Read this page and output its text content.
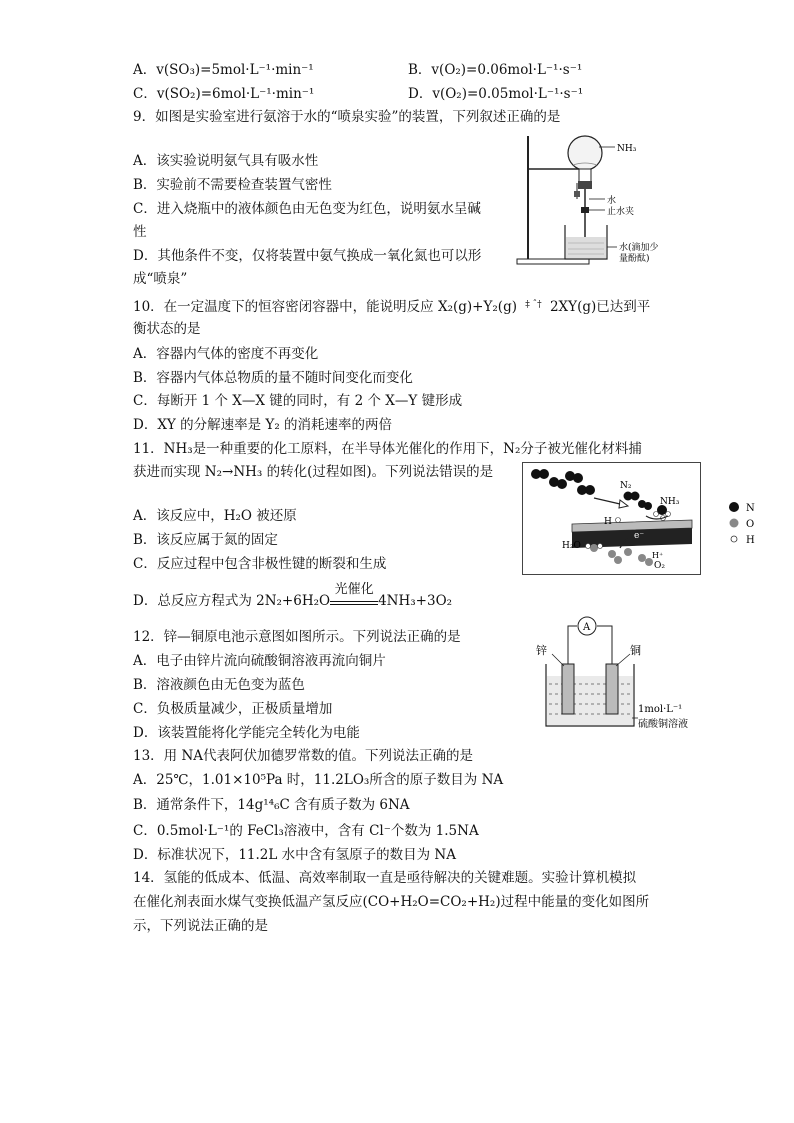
A．v(SO₃)=5mol·L⁻¹·min⁻¹	B．v(O₂)=0.06mol·L⁻¹·s⁻¹
C．v(SO₂)=6mol·L⁻¹·min⁻¹	D．v(O₂)=0.05mol·L⁻¹·s⁻¹
9．如图是实验室进行氨溶于水的“喷泉实验”的装置，下列叙述正确的是
A．该实验说明氨气具有吸水性
B．实验前不需要检查装置气密性
C．进入烧瓶中的液体颜色由无色变为红色，说明氨水呈碱
性
D．其他条件不变，仅将装置中氨气换成一氧化氮也可以形
成“喷泉”
NH₃
水
止水夹
水(滴加少
量酚酞)
10．在一定温度下的恒容密闭容器中，能说明反应 X₂(g)+Y₂(g) $^{\ddagger ˆ\dagger}$ 2XY(g)已达到平
衡状态的是
A．容器内气体的密度不再变化
B．容器内气体总物质的量不随时间变化而变化
C．每断开 1 个 X—X 键的同时，有 2 个 X—Y 键形成
D．XY 的分解速率是 Y₂ 的消耗速率的两倍
11．NH₃是一种重要的化工原料，在半导体光催化的作用下，N₂分子被光催化材料捕
获进而实现 N₂→NH₃ 的转化(过程如图)。下列说法错误的是
A．该反应中，H₂O 被还原
B．该反应属于氮的固定
C．反应过程中包含非极性键的断裂和生成
D．总反应方程式为 2N₂+6H₂O
光催化
4NH₃+3O₂
N₂
NH₃
H
e⁻
H₂O
H⁺
O₂
N
O
H
12．锌—铜原电池示意图如图所示。下列说法正确的是
A．电子由锌片流向硫酸铜溶液再流向铜片
B．溶液颜色由无色变为蓝色
C．负极质量减少，正极质量增加
D．该装置能将化学能完全转化为电能
A
锌	铜
1mol·L⁻¹
硫酸铜溶液
13．用 NA代表阿伏加德罗常数的值。下列说法正确的是
A．25℃，1.01×10⁵Pa 时，11.2LO₃所含的原子数目为 NA
B．通常条件下，14g¹⁴₆C 含有质子数为 6NA
C．0.5mol·L⁻¹的 FeCl₃溶液中，含有 Cl⁻个数为 1.5NA
D．标准状况下，11.2L 水中含有氢原子的数目为 NA
14．氢能的低成本、低温、高效率制取一直是亟待解决的关键难题。实验计算机模拟
在催化剂表面水煤气变换低温产氢反应(CO+H₂O=CO₂+H₂)过程中能量的变化如图所
示，下列说法正确的是
